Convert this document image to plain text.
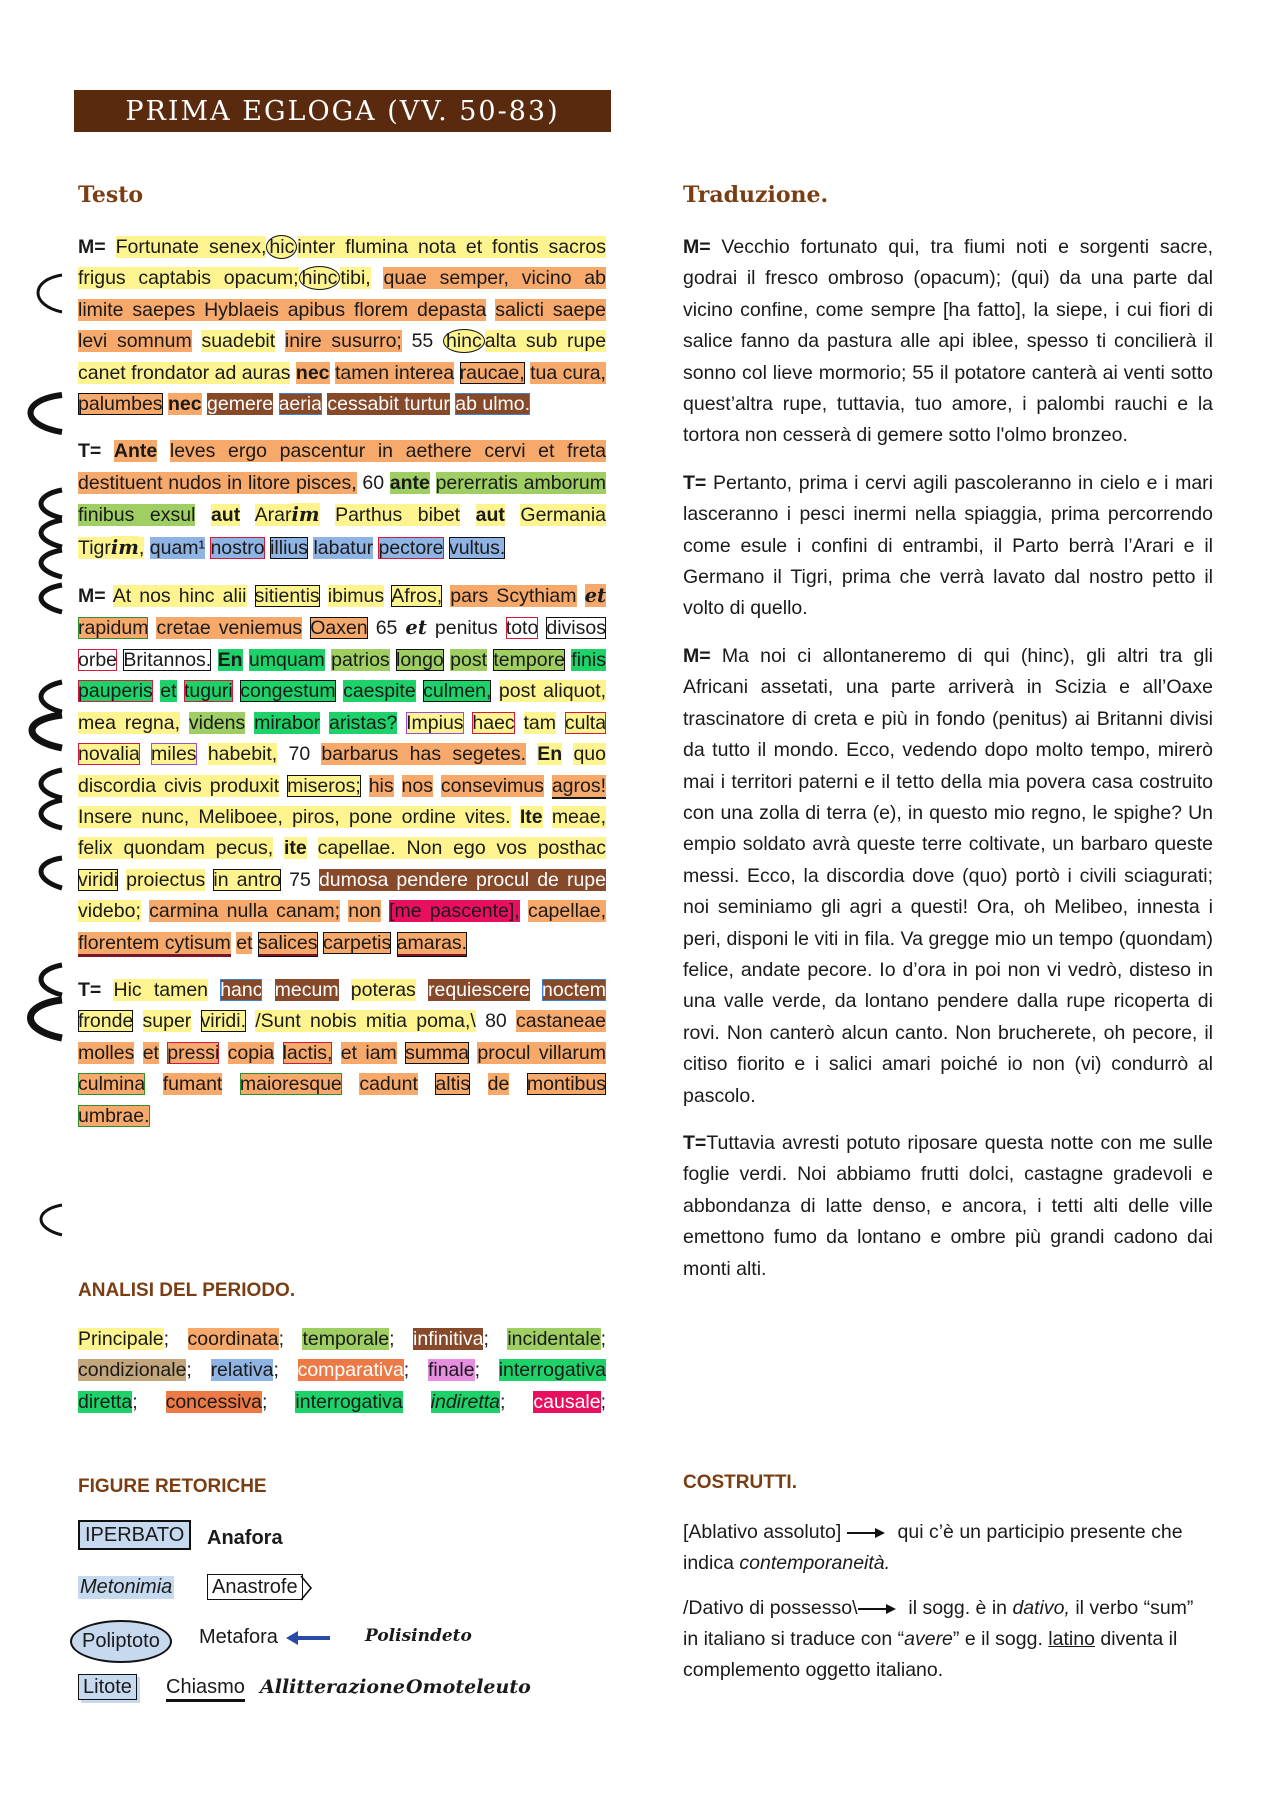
PRIMA EGLOGA (VV. 50-83)
Testo	Traduzione.

M= Fortunate senex, hic inter flumina nota et fontis sacros frigus captabis opacum; hinc tibi, quae semper, vicino ab limite saepes Hyblaeis apibus florem depasta salicti saepe levi somnum suadebit inire susurro; 55 hinc alta sub rupe canet frondator ad auras nec tamen interea raucae, tua cura, palumbes nec gemere aeria cessabit turtur ab ulmo.

T= Ante leves ergo pascentur in aethere cervi et freta destituent nudos in litore pisces, 60 ante pererratis amborum finibus exsul aut Ararim Parthus bibet aut Germania Tigrim, quam¹ nostro illius labatur pectore vultus.

M= At nos hinc alii sitientis ibimus Afros, pars Scythiam et rapidum cretae veniemus Oaxen 65 et penitus toto divisos orbe Britannos. En umquam patrios longo post tempore finis pauperis et tuguri congestum caespite culmen, post aliquot, mea regna, videns mirabor aristas? Impius haec tam culta novalia miles habebit, 70 barbarus has segetes. En quo discordia civis produxit miseros; his nos consevimus agros! Insere nunc, Meliboee, piros, pone ordine vites. Ite meae, felix quondam pecus, ite capellae. Non ego vos posthac viridi proiectus in antro 75 dumosa pendere procul de rupe videbo; carmina nulla canam; non [me pascente], capellae, florentem cytisum et salices carpetis amaras.

T= Hic tamen hanc mecum poteras requiescere noctem fronde super viridi. /Sunt nobis mitia poma,\ 80 castaneae molles et pressi copia lactis, et iam summa procul villarum culmina fumant maioresque cadunt altis de montibus umbrae.

M= Vecchio fortunato qui, tra fiumi noti e sorgenti sacre, godrai il fresco ombroso (opacum); (qui) da una parte dal vicino confine, come sempre [ha fatto], la siepe, i cui fiori di salice fanno da pastura alle api iblee, spesso ti concilierà il sonno col lieve mormorio; 55 il potatore canterà ai venti sotto quest’altra rupe, tuttavia, tuo amore, i palombi rauchi e la tortora non cesserà di gemere sotto l'olmo bronzeo.

T= Pertanto, prima i cervi agili pascoleranno in cielo e i mari lasceranno i pesci inermi nella spiaggia, prima percorrendo come esule i confini di entrambi, il Parto berrà l’Arari e il Germano il Tigri, prima che verrà lavato dal nostro petto il volto di quello.

M= Ma noi ci allontaneremo di qui (hinc), gli altri tra gli Africani assetati, una parte arriverà in Scizia e all’Oaxe trascinatore di creta e più in fondo (penitus) ai Britanni divisi da tutto il mondo. Ecco, vedendo dopo molto tempo, mirerò mai i territori paterni e il tetto della mia povera casa costruito con una zolla di terra (e), in questo mio regno, le spighe? Un empio soldato avrà queste terre coltivate, un barbaro queste messi. Ecco, la discordia dove (quo) portò i civili sciagurati; noi seminiamo gli agri a questi! Ora, oh Melibeo, innesta i peri, disponi le viti in fila. Va gregge mio un tempo (quondam) felice, andate pecore. Io d’ora in poi non vi vedrò, disteso in una valle verde, da lontano pendere dalla rupe ricoperta di rovi. Non canterò alcun canto. Non brucherete, oh pecore, il citiso fiorito e i salici amari poiché io non (vi) condurrò al pascolo.

T=Tuttavia avresti potuto riposare questa notte con me sulle foglie verdi. Noi abbiamo frutti dolci, castagne gradevoli e abbondanza di latte denso, e ancora, i tetti alti delle ville emettono fumo da lontano e ombre più grandi cadono dai monti alti.

ANALISI DEL PERIODO.
Principale; coordinata; temporale; infinitiva; incidentale; condizionale; relativa; comparativa; finale; interrogativa diretta; concessiva; interrogativa indiretta; causale;
FIGURE RETORICHE
IPERBATO	Anafora
Metonimia Anastrofe
Poliptoto	Metafora	Polisindeto
Litote Chiasmo Allitterazione Omoteleuto
COSTRUTTI.

[Ablativo assoluto]	qui c’è un participio presente che indica contemporaneità.

/Dativo di possesso\	il sogg. è in dativo, il verbo “sum” in italiano si traduce con “avere” e il sogg. latino diventa il complemento oggetto italiano.
